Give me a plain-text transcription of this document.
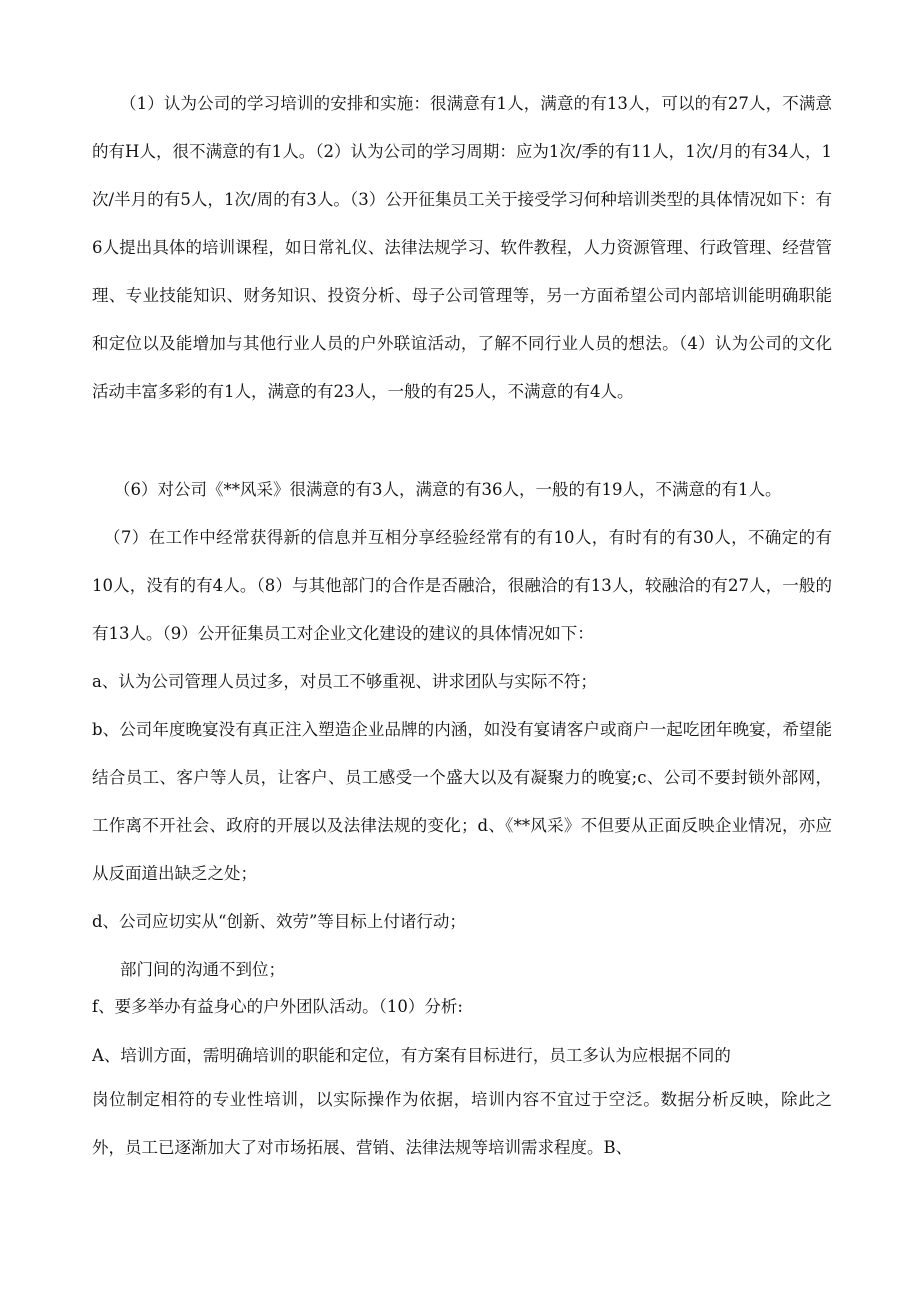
（1）认为公司的学习培训的安排和实施：很满意有1人，满意的有13人，可以的有27人，不满意的有H人，很不满意的有1人。（2）认为公司的学习周期：应为1次/季的有11人，1次/月的有34人，1次/半月的有5人，1次/周的有3人。（3）公开征集员工关于接受学习何种培训类型的具体情况如下：有6人提出具体的培训课程，如日常礼仪、法律法规学习、软件教程，人力资源管理、行政管理、经营管理、专业技能知识、财务知识、投资分析、母子公司管理等，另一方面希望公司内部培训能明确职能和定位以及能增加与其他行业人员的户外联谊活动，了解不同行业人员的想法。（4）认为公司的文化活动丰富多彩的有1人，满意的有23人，一般的有25人，不满意的有4人。

（6）对公司《**风采》很满意的有3人，满意的有36人，一般的有19人，不满意的有1人。

（7）在工作中经常获得新的信息并互相分享经验经常有的有10人，有时有的有30人，不确定的有10人，没有的有4人。（8）与其他部门的合作是否融洽，很融洽的有13人，较融洽的有27人，一般的有13人。（9）公开征集员工对企业文化建设的建议的具体情况如下：

a、认为公司管理人员过多，对员工不够重视、讲求团队与实际不符；

b、公司年度晚宴没有真正注入塑造企业品牌的内涵，如没有宴请客户或商户一起吃团年晚宴，希望能结合员工、客户等人员，让客户、员工感受一个盛大以及有凝聚力的晚宴;c、公司不要封锁外部网，工作离不开社会、政府的开展以及法律法规的变化；d、《**风采》不但要从正面反映企业情况，亦应从反面道出缺乏之处；

d、公司应切实从“创新、效劳”等目标上付诸行动；

部门间的沟通不到位；

f、要多举办有益身心的户外团队活动。（10）分析:

A、培训方面，需明确培训的职能和定位，有方案有目标进行，员工多认为应根据不同的

岗位制定相符的专业性培训，以实际操作为依据，培训内容不宜过于空泛。数据分析反映，除此之外，员工已逐渐加大了对市场拓展、营销、法律法规等培训需求程度。B、
